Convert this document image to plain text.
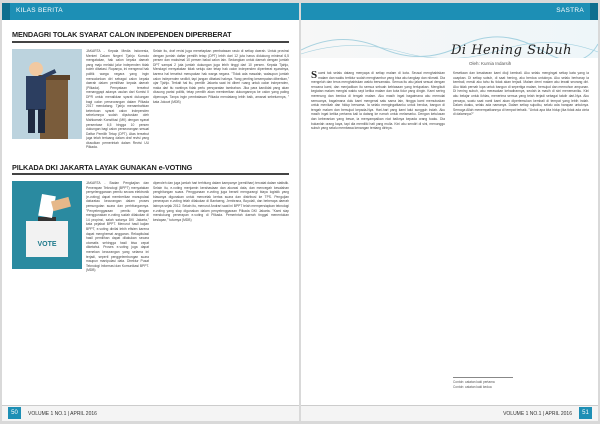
KILAS BERITA
MENDAGRI TOLAK SYARAT CALON INDEPENDEN DIPERBERAT

JAKARTA - Kepala Media Indonesia, Menteri Dalam Negeri Tjahjo Kumolo mengatakan, hak calon kepala daerah yang maju melalui jalur independen tidak boleh dibatasi. Rupanya, ini mengenai hak politik warga negara yang ingin mencalonkan diri sebagai calon kepala daerah dalam pemilihan kepala daerah (Pilkada). Pernyataan tersebut menanggapi adanya usulan dari Komisi II DPR untuk menaikkan syarat dukungan bagi calon perseorangan dalam Pilkada 2017 mendatang. Tjahjo menambahkan ketentuan syarat calon independen sebelumnya sudah diputuskan oleh Mahkamah Konstitusi (MK) dengan syarat persentase 6,5 hingga 10 persen dukungan bagi calon perseorangan sesuai Daftar Pemilih Tetap (DPT). Atas tersebut juga telah tertuang dalam draf revisi yang diusulkan pemerintah dalam Revisi UU Pilkada.

Selain itu, draf revisi juga menetapkan pembatasan rasio di setiap daerah. Untuk provinsi dengan jumlah daftar pemilih tetap (DPT) lebih dari 12 juta harus didukung minimal 6,5 persen dan maksimal 10 persen bakal calon lain. Sedangkan untuk daerah dengan jumlah DPT sampai 2 juta jumlah dukungan juga lebih tinggi dari 10 persen. Kepala Tjahjo, Mendagri menyatakan tidak setuju dan tetap hak calon independen diperberat syaratnya, karena hal tersebut merupakan hak warga negara. "Tidak ada masalah, walaupun jumlah calon independen sedikit, tapi jangan dibatasi haknya. Yang penting kesempatan diberikan," ujar Tjahjo. Terkait hal itu, pemilih Jakarta saat ini diberi ruang untuk calon independen, maka dari itu nantinya tidak perlu persyaratan tambahan. Jika para kandidat yang akan diusung partai politik, tetap pemilih akan memberikan dukungannya ke calon yang paling dipercaya. Tanpa ingin pembatasan Pilkada mendatang lebih baik, amanat sebelumnya, " kata Jokowi (MDB)

PILKADA DKI JAKARTA LAYAK GUNAKAN e-VOTING
VOTE

JAKARTA - Badan Pengkajian dan Penerapan Teknologi (BPPT) menyatakan penyelenggaraan pemilu secara elektronik (e-voting) dapat memberikan manupulasi daturatau kecurangan dalam proses pemungutan suara dan perhitungannya. "Penyelenggaraan pemilu dengan menggunakan e-voting sudah dilakukan di 14 propinsi, salah satunya DKI Jakarta," kata pejabat BPPT. Menurut hasil kajian BPPT, e-voting dinilai lebih efisien karena dapat menghemat anggaran. Rekapitulasi hasil pemilihan dapat dilakukan secara otomatis sehingga hasil bisa cepat diketahui. Proses e-voting juga dapat menekan kecurangan yang selama ini terjadi, seperti penggelembungan suara maupun manipulasi data. Direktur Pusat Teknologi Informasi dan Komunikasi BPPT. (MDB)

diperoleh dan juga jumlah hari terhitung dalam kampanye (pemilihan) tercatat dalam statistik. Selain itu, e-voting menjamin kerahasiaan dan akurasi data, dan mencegah kesalahan penghitungan suara. Penggunaan e-voting juga berarti mengurangi biaya logistik yang biasanya digunakan untuk mencetak kertas suara dan distribusi ke TPS. Pengujian penerapan e-voting telah dilakukan di Bantaeng, Jembrana, Boyolali, dan beberapa daerah lainnya sejak 2012. Selain itu, menurut Andrari saat ini BPPT telah mempersiapkan teknologi e-voting yang siap digunakan dalam penyelenggaraan Pilkada DKI Jakarta. "Kami siap mendukung penerapan e-voting di Pilkada. Pemerintah daerah tinggal menentukan kesiapan," tuturnya (MDB)

50	VOLUME 1 NO.1 | APRIL 2016
SASTRA
Di Hening Subuh
Oleh: Kurnia Indarsih
Suami tak selalu datang menyapa di setiap malam di kota. Seusai menghabiskan malam dan waktu tertidur sudah menghambur yang bisa aku tangkap dan nikmati. Dia mengeluh dan terus menghabiskan waktu bersamaku. Semua itu aku jalani sesuai dengan rencana kami, dan menjadikan itu semua sebuah kebiasaan yang terlupakan. Mengikuti kegiatan malam mengisi waktu sepi ketika malam dan kota tidur yang dingin. Kami sering merenung dan berdoa di tengah malam. Aku masih ingat bagaimana aku memulai semuanya, bagaimana dulu kami mengenal satu sama lain, hingga kami memutuskan untuk menikah dan hidup bersama. Ia selalu mengingatkanku untuk berdoa, bangun di tengah malam dan bersujud kepada-Nya. Hari-hari yang kami lalui sungguh indah. Aku masih ingat ketika pertama kali ia datang ke rumah untuk melamarku. Dengan ketulusan dan keberanian yang besar, ia menyampaikan niat baiknya kepada orang tuaku. Dia bukanlah orang kaya, tapi dia memiliki hati yang mulia. Kini aku sendiri di sini, menunggu subuh yang selalu membawa kenangan tentang dirinya.

Kesetiaan dan kesabaran kami diuji kembali. Aku selalu mengingat setiap kata yang ia ucapkan. Di setiap subuh, di saat hening, aku berdoa untuknya. Aku selalu berharap ia kembali, meski aku tahu itu tidak akan terjadi. Malam demi malam aku lewati seorang diri. Aku tidak pernah lupa untuk bangun di sepertiga malam, bersujud dan memohon ampunan. Di hening subuh, aku merasakan kehadirannya, seolah ia masih di sini menemaniku. Kini aku belajar untuk ikhlas, menerima semua yang telah terjadi sebagai takdir dari-Nya. Aku percaya, suatu saat nanti kami akan dipertemukan kembali di tempat yang lebih indah. Dalam doaku, selalu ada namanya. Dalam setiap sujudku, selalu ada harapan untuknya. Semoga Allah menempatkannya di tempat terbaik. "Untuk apa kita hidup jika tidak ada cinta di dalamnya?"

Contoh: catatan kaki pertama
Contoh: catatan kaki kedua
VOLUME 1 NO.1 | APRIL 2016	51
